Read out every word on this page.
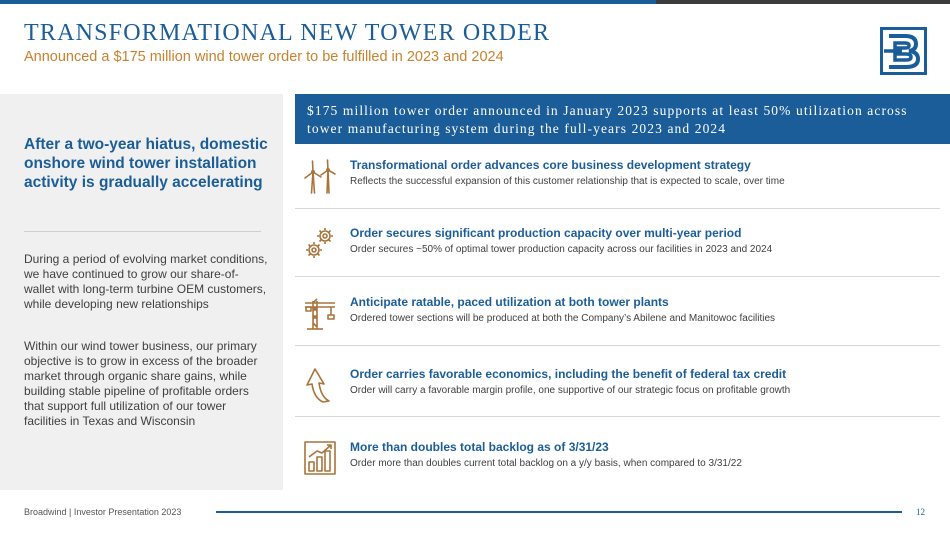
TRANSFORMATIONAL NEW TOWER ORDER
Announced a $175 million wind tower order to be fulfilled in 2023 and 2024
After a two-year hiatus, domestic onshore wind tower installation activity is gradually accelerating
During a period of evolving market conditions, we have continued to grow our share-of-wallet with long-term turbine OEM customers, while developing new relationships
Within our wind tower business, our primary objective is to grow in excess of the broader market through organic share gains, while building stable pipeline of profitable orders that support full utilization of our tower facilities in Texas and Wisconsin
$175 million tower order announced in January 2023 supports at least 50% utilization across tower manufacturing system during the full-years 2023 and 2024
Transformational order advances core business development strategy
Reflects the successful expansion of this customer relationship that is expected to scale, over time
Order secures significant production capacity over multi-year period
Order secures ~50% of optimal tower production capacity across our facilities in 2023 and 2024
Anticipate ratable, paced utilization at both tower plants
Ordered tower sections will be produced at both the Company’s Abilene and Manitowoc facilities
Order carries favorable economics, including the benefit of federal tax credit
Order will carry a favorable margin profile, one supportive of our strategic focus on profitable growth
More than doubles total backlog as of 3/31/23
Order more than doubles current total backlog on a y/y basis, when compared to 3/31/22
Broadwind | Investor Presentation 2023	12
